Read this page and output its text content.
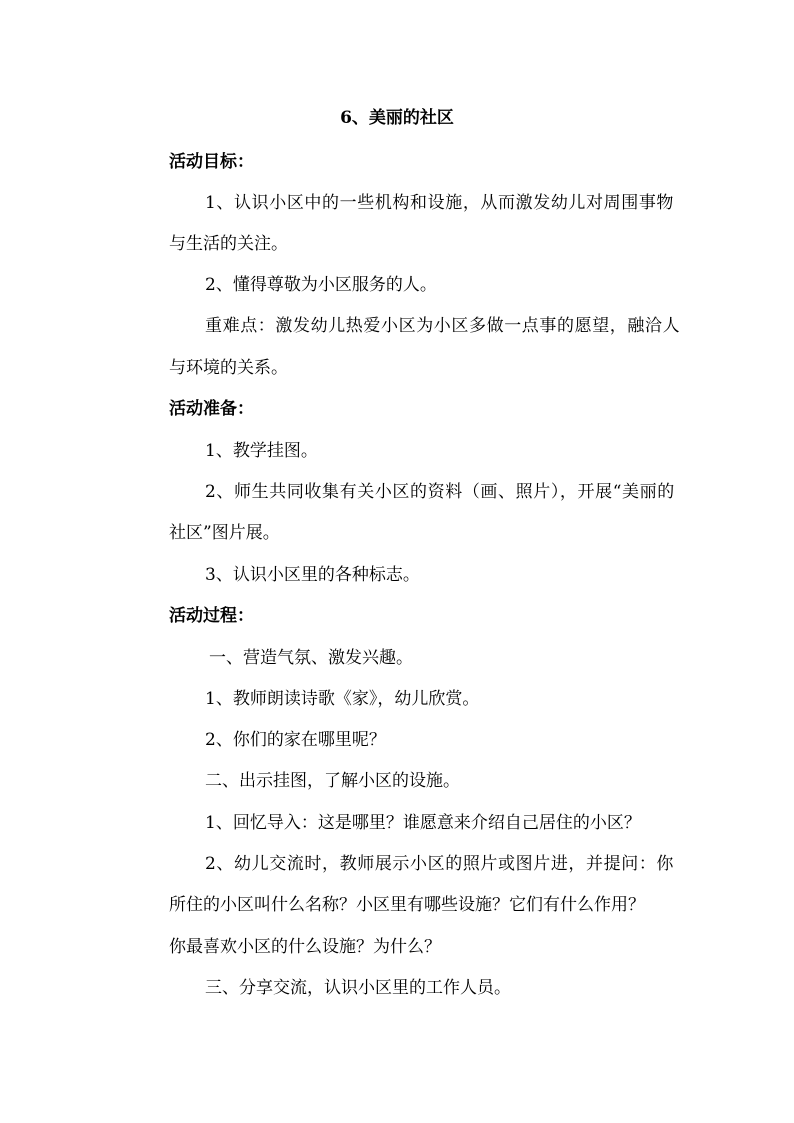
6、美丽的社区
活动目标：
1、认识小区中的一些机构和设施，从而激发幼儿对周围事物
与生活的关注。
2、懂得尊敬为小区服务的人。
重难点：激发幼儿热爱小区为小区多做一点事的愿望，融洽人
与环境的关系。
活动准备：
1、教学挂图。
2、师生共同收集有关小区的资料（画、照片），开展“美丽的
社区”图片展。
3、认识小区里的各种标志。
活动过程：
一、营造气氛、激发兴趣。
1、教师朗读诗歌《家》，幼儿欣赏。
2、你们的家在哪里呢？
二、出示挂图，了解小区的设施。
1、回忆导入：这是哪里？谁愿意来介绍自己居住的小区？
2、幼儿交流时，教师展示小区的照片或图片进，并提问：你
所住的小区叫什么名称？小区里有哪些设施？它们有什么作用？
你最喜欢小区的什么设施？为什么？
三、分享交流，认识小区里的工作人员。
